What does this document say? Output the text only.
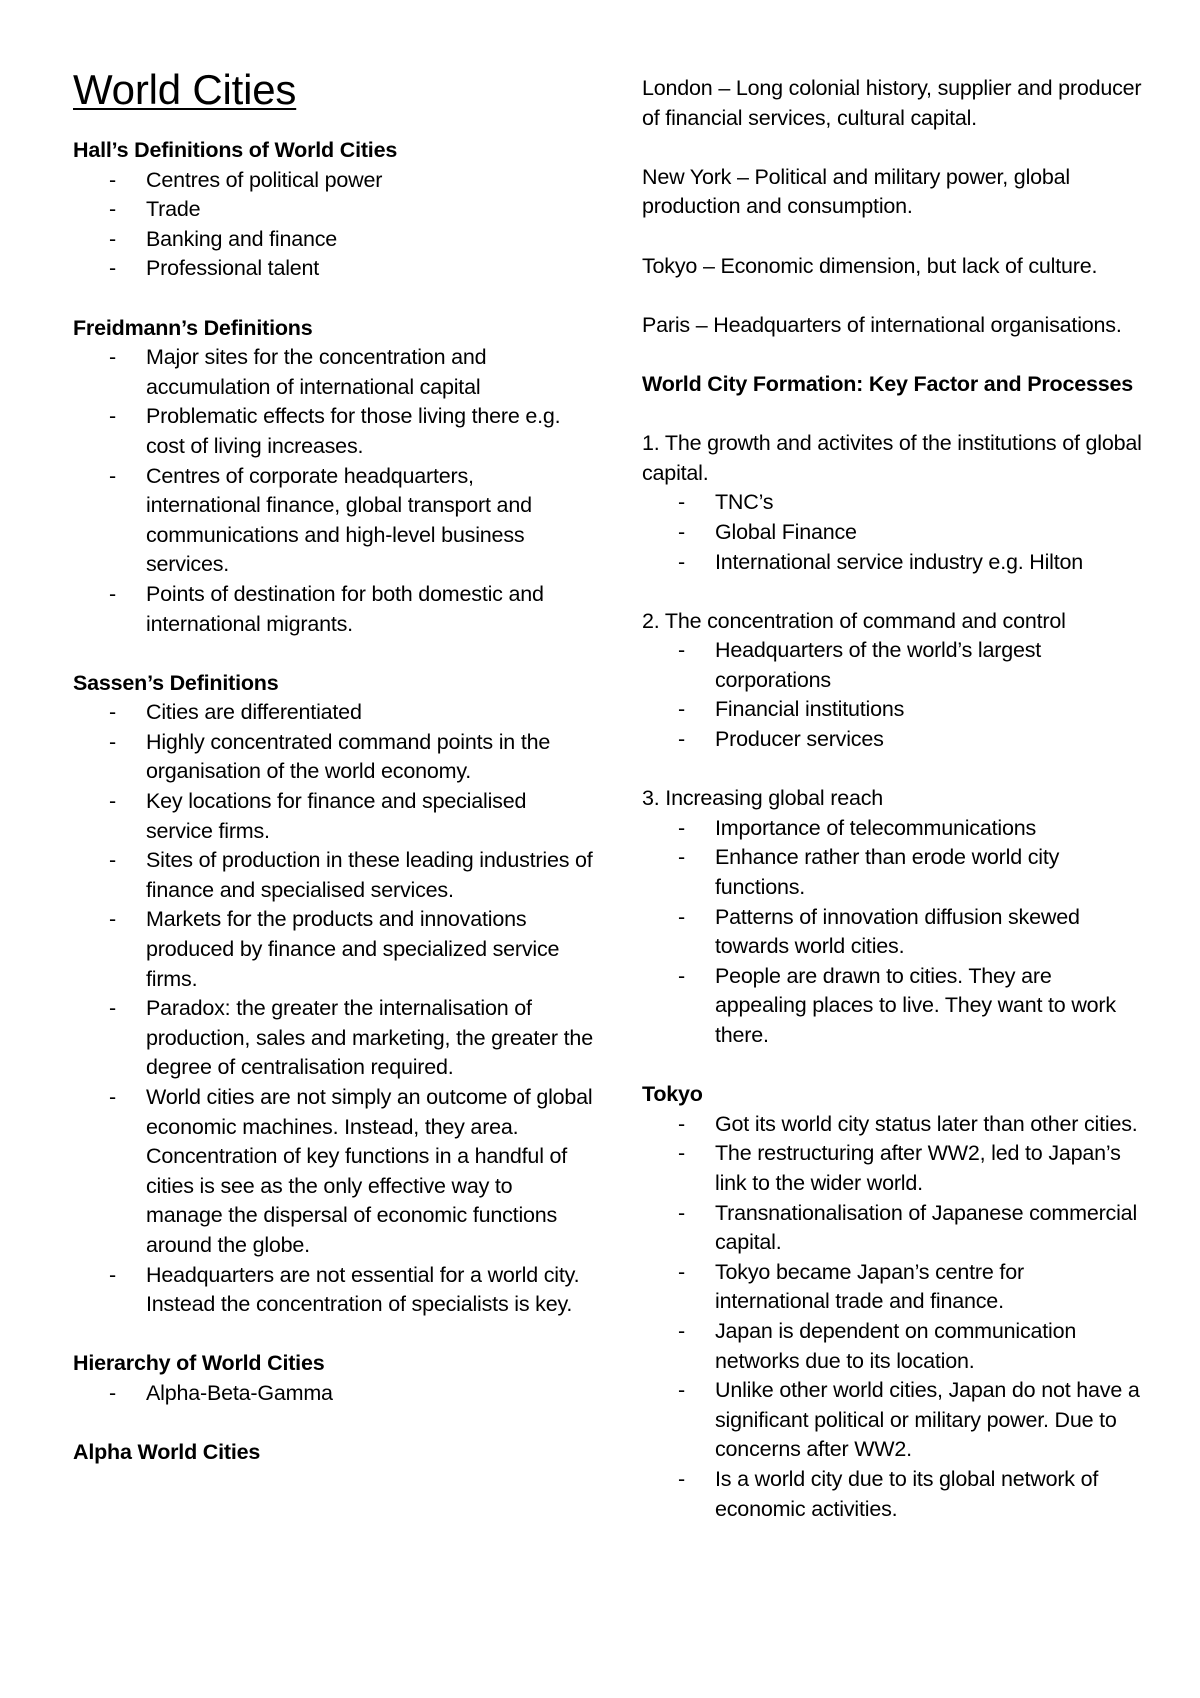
World Cities

Hall’s Definitions of World Cities

- Centres of political power
- Trade
- Banking and finance
- Professional talent

Freidmann’s Definitions

- Major sites for the concentration and accumulation of international capital
- Problematic effects for those living there e.g. cost of living increases.
- Centres of corporate headquarters, international finance, global transport and communications and high-level business services.
- Points of destination for both domestic and international migrants.

Sassen’s Definitions

- Cities are differentiated
- Highly concentrated command points in the organisation of the world economy.
- Key locations for finance and specialised service firms.
- Sites of production in these leading industries of finance and specialised services.
- Markets for the products and innovations produced by finance and specialized service firms.
- Paradox: the greater the internalisation of production, sales and marketing, the greater the degree of centralisation required.
- World cities are not simply an outcome of global economic machines. Instead, they area. Concentration of key functions in a handful of cities is see as the only effective way to manage the dispersal of economic functions around the globe.
- Headquarters are not essential for a world city. Instead the concentration of specialists is key.

Hierarchy of World Cities

- Alpha-Beta-Gamma

Alpha World Cities

London – Long colonial history, supplier and producer of financial services, cultural capital.

New York – Political and military power, global production and consumption.

Tokyo – Economic dimension, but lack of culture.

Paris – Headquarters of international organisations.

World City Formation: Key Factor and Processes

1. The growth and activites of the institutions of global capital.

- TNC’s
- Global Finance
- International service industry e.g. Hilton

2. The concentration of command and control

- Headquarters of the world’s largest corporations
- Financial institutions
- Producer services

3. Increasing global reach

- Importance of telecommunications
- Enhance rather than erode world city functions.
- Patterns of innovation diffusion skewed towards world cities.
- People are drawn to cities. They are appealing places to live. They want to work there.

Tokyo

- Got its world city status later than other cities.
- The restructuring after WW2, led to Japan’s link to the wider world.
- Transnationalisation of Japanese commercial capital.
- Tokyo became Japan’s centre for international trade and finance.
- Japan is dependent on communication networks due to its location.
- Unlike other world cities, Japan do not have a significant political or military power. Due to concerns after WW2.
- Is a world city due to its global network of economic activities.
